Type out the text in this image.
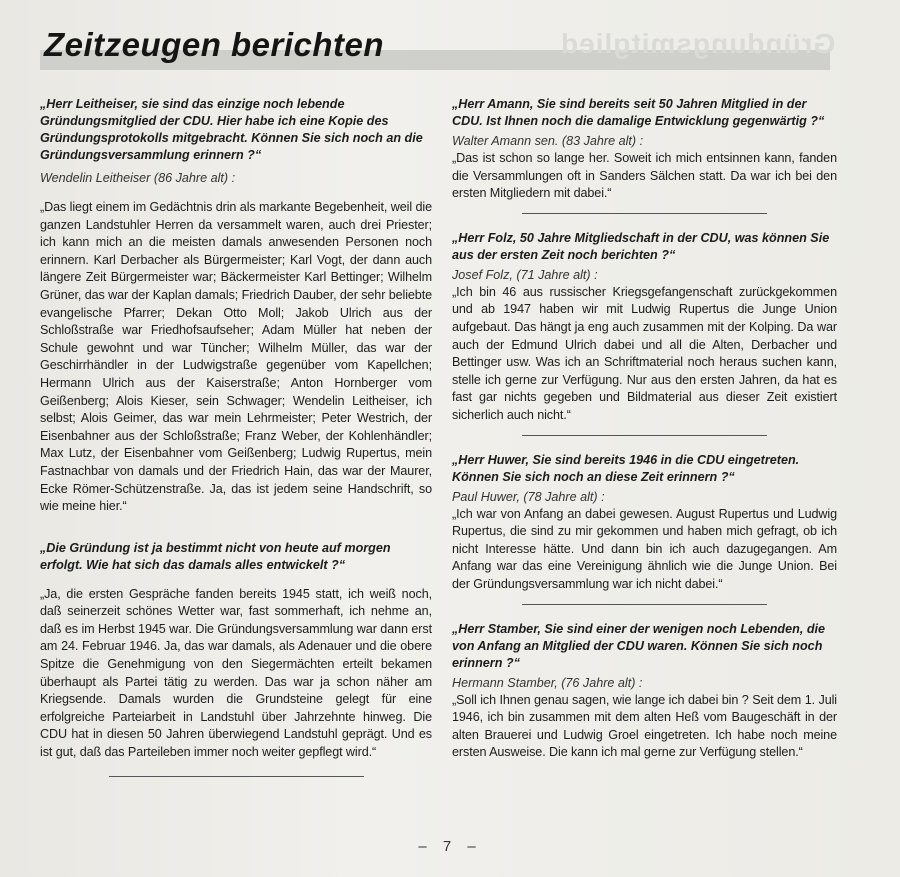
Gründungsmitglied
Zeitzeugen berichten

„Herr Leitheiser, sie sind das einzige noch lebende Gründungsmitglied der CDU. Hier habe ich eine Kopie des Gründungsprotokolls mitgebracht. Können Sie sich noch an die Gründungsversammlung erinnern ?“

Wendelin Leitheiser (86 Jahre alt) :

„Das liegt einem im Gedächtnis drin als markante Begebenheit, weil die ganzen Landstuhler Herren da versammelt waren, auch drei Priester; ich kann mich an die meisten damals anwesenden Personen noch erinnern. Karl Derbacher als Bürgermeister; Karl Vogt, der dann auch längere Zeit Bürgermeister war; Bäckermeister Karl Bettinger; Wilhelm Grüner, das war der Kaplan damals; Friedrich Dauber, der sehr beliebte evangelische Pfarrer; Dekan Otto Moll; Jakob Ulrich aus der Schloßstraße war Friedhofsaufseher; Adam Müller hat neben der Schule gewohnt und war Tüncher; Wilhelm Müller, das war der Geschirrhändler in der Ludwigstraße gegenüber vom Kapellchen; Hermann Ulrich aus der Kaiserstraße; Anton Hornberger vom Geißenberg; Alois Kieser, sein Schwager; Wendelin Leitheiser, ich selbst; Alois Geimer, das war mein Lehrmeister; Peter Westrich, der Eisenbahner aus der Schloßstraße; Franz Weber, der Kohlenhändler; Max Lutz, der Eisenbahner vom Geißenberg; Ludwig Rupertus, mein Fastnachbar von damals und der Friedrich Hain, das war der Maurer, Ecke Römer-Schützenstraße. Ja, das ist jedem seine Handschrift, so wie meine hier.“

„Die Gründung ist ja bestimmt nicht von heute auf morgen erfolgt. Wie hat sich das damals alles entwickelt ?“

„Ja, die ersten Gespräche fanden bereits 1945 statt, ich weiß noch, daß seinerzeit schönes Wetter war, fast sommerhaft, ich nehme an, daß es im Herbst 1945 war. Die Gründungsversammlung war dann erst am 24. Februar 1946. Ja, das war damals, als Adenauer und die obere Spitze die Genehmigung von den Siegermächten erteilt bekamen überhaupt als Partei tätig zu werden. Das war ja schon näher am Kriegsende. Damals wurden die Grundsteine gelegt für eine erfolgreiche Parteiarbeit in Landstuhl über Jahrzehnte hinweg. Die CDU hat in diesen 50 Jahren überwiegend Landstuhl geprägt. Und es ist gut, daß das Parteileben immer noch weiter gepflegt wird.“

„Herr Amann, Sie sind bereits seit 50 Jahren Mitglied in der CDU. Ist Ihnen noch die damalige Entwicklung gegenwärtig ?“

Walter Amann sen. (83 Jahre alt) :

„Das ist schon so lange her. Soweit ich mich entsinnen kann, fanden die Versammlungen oft in Sanders Sälchen statt. Da war ich bei den ersten Mitgliedern mit dabei.“

„Herr Folz, 50 Jahre Mitgliedschaft in der CDU, was können Sie aus der ersten Zeit noch berichten ?“

Josef Folz, (71 Jahre alt) :

„Ich bin 46 aus russischer Kriegsgefangenschaft zurückgekommen und ab 1947 haben wir mit Ludwig Rupertus die Junge Union aufgebaut. Das hängt ja eng auch zusammen mit der Kolping. Da war auch der Edmund Ulrich dabei und all die Alten, Derbacher und Bettinger usw. Was ich an Schriftmaterial noch heraus suchen kann, stelle ich gerne zur Verfügung. Nur aus den ersten Jahren, da hat es fast gar nichts gegeben und Bildmaterial aus dieser Zeit existiert sicherlich auch nicht.“

„Herr Huwer, Sie sind bereits 1946 in die CDU eingetreten. Können Sie sich noch an diese Zeit erinnern ?“

Paul Huwer, (78 Jahre alt) :

„Ich war von Anfang an dabei gewesen. August Rupertus und Ludwig Rupertus, die sind zu mir gekommen und haben mich gefragt, ob ich nicht Interesse hätte. Und dann bin ich auch dazugegangen. Am Anfang war das eine Vereinigung ähnlich wie die Junge Union. Bei der Gründungsversammlung war ich nicht dabei.“

„Herr Stamber, Sie sind einer der wenigen noch Lebenden, die von Anfang an Mitglied der CDU waren. Können Sie sich noch erinnern ?“

Hermann Stamber, (76 Jahre alt) :

„Soll ich Ihnen genau sagen, wie lange ich dabei bin ? Seit dem 1. Juli 1946, ich bin zusammen mit dem alten Heß vom Baugeschäft in der alten Brauerei und Ludwig Groel eingetreten. Ich habe noch meine ersten Ausweise. Die kann ich mal gerne zur Verfügung stellen.“

– 7 –
